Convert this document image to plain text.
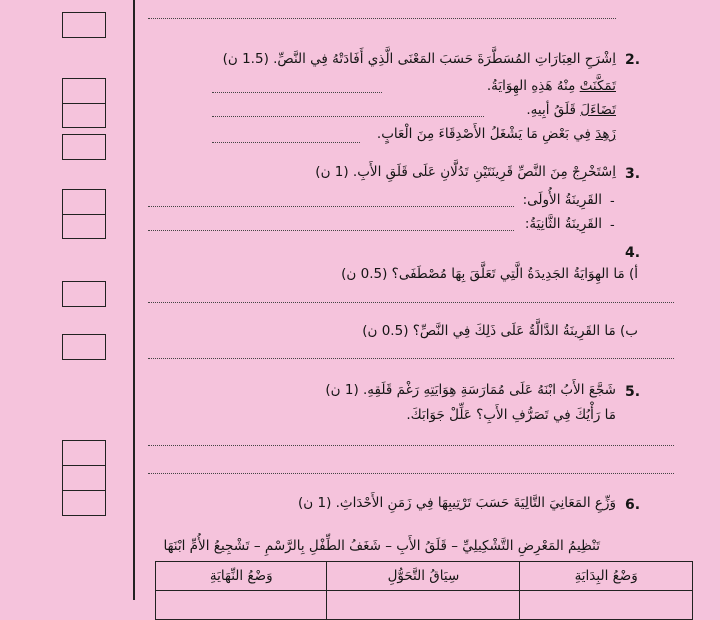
2.
اِشْرَحِ العِبَارَاتِ المُسَطَّرَةَ حَسَبَ المَعْنَى الَّذِي أَفَادَتْهُ فِي النَّصِّ. (1.5 ن)
تَمَكَّنَتْ مِنْهُ هَذِهِ الهِوَايَةُ.
تَضَاءَلَ قَلَقُ أبِيهِ.
زَهِدَ فِي بَعْضِ مَا يَشْغَلُ الأَصْدِقَاءَ مِنَ الْعَابٍ.
3.
اِسْتَخْرِجْ مِنَ النَّصِّ قَرِينَتَيْنِ تَدُلَّانِ عَلَى قَلَقِ الأَبِ. (1 ن)
-
القَرِينَةُ الأُولَى:
-
القَرِينَةُ الثَّانِيَةُ:
4.
أ) مَا الهِوَايَةُ الجَدِيدَةُ الَّتِي تَعَلَّقَ بِهَا مُصْطَفَى؟ (0.5 ن)
ب) مَا القَرِينَةُ الدَّالَّةُ عَلَى ذَلِكَ فِي النَّصِّ؟ (0.5 ن)
5.
شَجَّعَ الأَبُ ابْنَهُ عَلَى مُمَارَسَةِ هِوَايَتِهِ رَغْمَ قَلَقِهِ. (1 ن)
مَا رَأْيُكَ فِي تَصَرُّفِ الأَبِ؟ عَلِّلْ جَوَابَكَ.
6.
وَزِّعِ المَعَانِيَ التَّالِيَةَ حَسَبَ تَرْتِيبِهَا فِي زَمَنِ الأَحْدَاثِ. (1 ن)
تَنْظِيمُ المَعْرِضِ التَّشْكِيلِيِّ – قَلَقُ الأَبِ – شَغَفُ الطِّفْلِ بِالرَّسْمِ – تَشْجِيعُ الأُمِّ ابْنَهَا
وَضْعُ البِدَايَةِ	سِيَاقُ التَّحَوُّلِ	وَضْعُ النِّهَايَةِ
